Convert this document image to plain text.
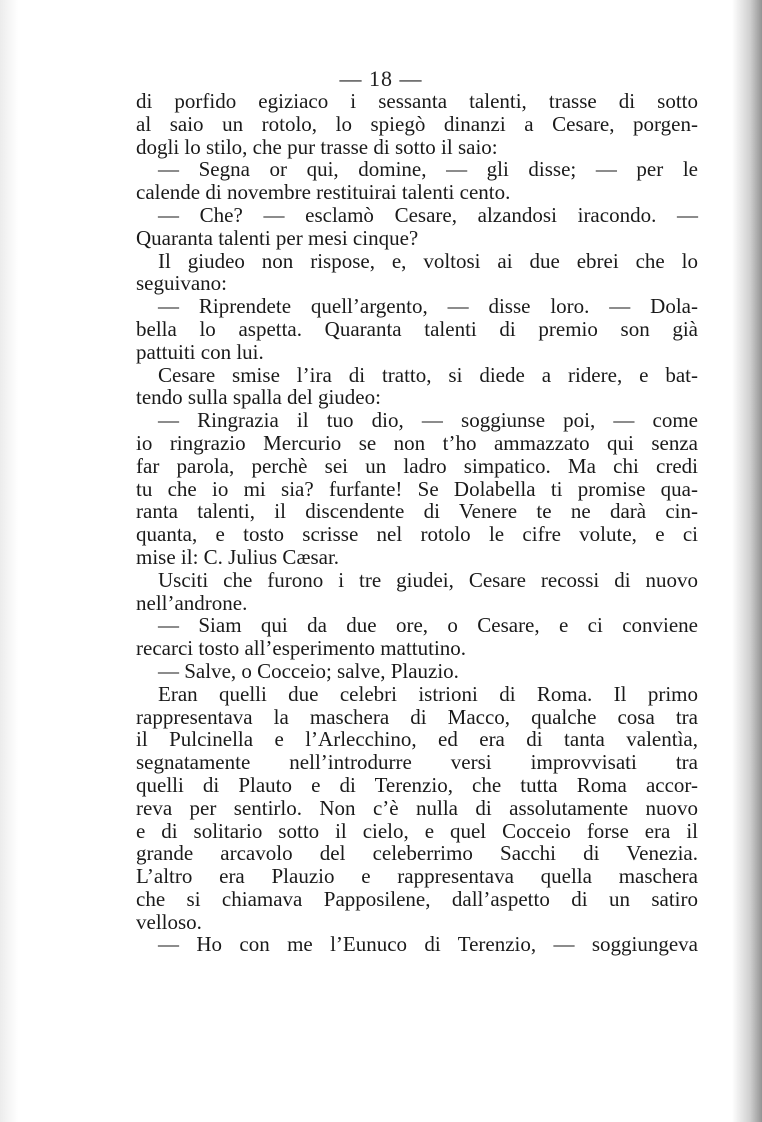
— 18 —
di porfido egiziaco i sessanta talenti, trasse di sotto
al saio un rotolo, lo spiegò dinanzi a Cesare, porgen-
dogli lo stilo, che pur trasse di sotto il saio:
— Segna or qui, domine, — gli disse; — per le
calende di novembre restituirai talenti cento.
— Che? — esclamò Cesare, alzandosi iracondo. —
Quaranta talenti per mesi cinque?
Il giudeo non rispose, e, voltosi ai due ebrei che lo
seguivano:
— Riprendete quell’argento, — disse loro. — Dola-
bella lo aspetta. Quaranta talenti di premio son già
pattuiti con lui.
Cesare smise l’ira di tratto, si diede a ridere, e bat-
tendo sulla spalla del giudeo:
— Ringrazia il tuo dio, — soggiunse poi, — come
io ringrazio Mercurio se non t’ho ammazzato qui senza
far parola, perchè sei un ladro simpatico. Ma chi credi
tu che io mi sia? furfante! Se Dolabella ti promise qua-
ranta talenti, il discendente di Venere te ne darà cin-
quanta, e tosto scrisse nel rotolo le cifre volute, e ci
mise il: C. Julius Cæsar.
Usciti che furono i tre giudei, Cesare recossi di nuovo
nell’androne.
— Siam qui da due ore, o Cesare, e ci conviene
recarci tosto all’esperimento mattutino.
— Salve, o Cocceio; salve, Plauzio.
Eran quelli due celebri istrioni di Roma. Il primo
rappresentava la maschera di Macco, qualche cosa tra
il Pulcinella e l’Arlecchino, ed era di tanta valentìa,
segnatamente nell’introdurre versi improvvisati tra
quelli di Plauto e di Terenzio, che tutta Roma accor-
reva per sentirlo. Non c’è nulla di assolutamente nuovo
e di solitario sotto il cielo, e quel Cocceio forse era il
grande arcavolo del celeberrimo Sacchi di Venezia.
L’altro era Plauzio e rappresentava quella maschera
che si chiamava Papposilene, dall’aspetto di un satiro
velloso.
— Ho con me l’Eunuco di Terenzio, — soggiungeva
